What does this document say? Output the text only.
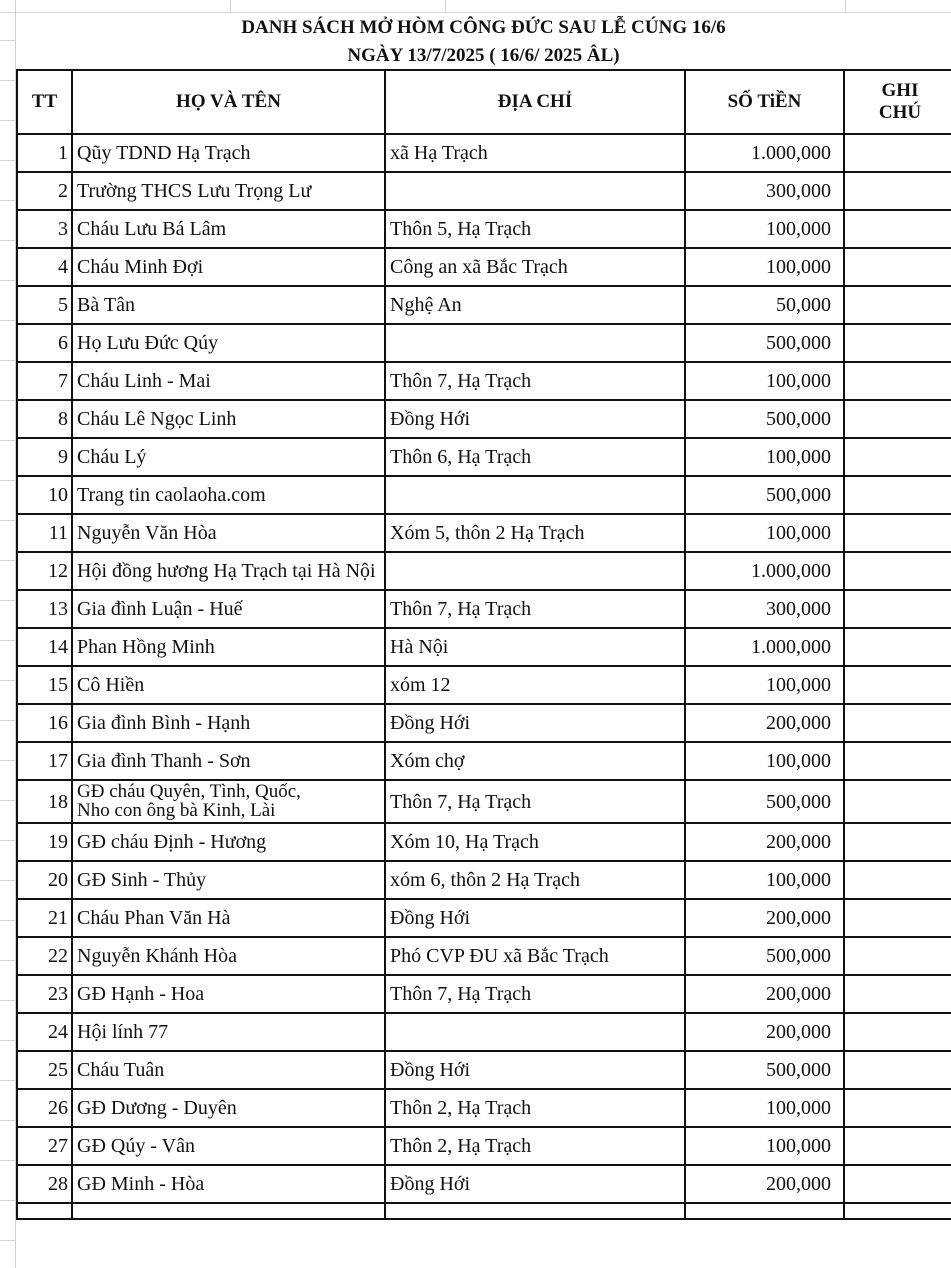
DANH SÁCH MỞ HÒM CÔNG ĐỨC SAU LỄ CÚNG 16/6
NGÀY 13/7/2025 ( 16/6/ 2025 ÂL)
TT	HỌ VÀ TÊN	ĐỊA CHỈ	SỐ TiỀN	GHI
CHÚ
1	Qũy TDND Hạ Trạch	xã Hạ Trạch	1.000,000	
2	Trường THCS Lưu Trọng Lư		300,000	
3	Cháu Lưu Bá Lâm	Thôn 5, Hạ Trạch	100,000	
4	Cháu Minh Đợi	Công an xã Bắc Trạch	100,000	
5	Bà Tân	Nghệ An	50,000	
6	Họ Lưu Đức Qúy		500,000	
7	Cháu Linh - Mai	Thôn 7, Hạ Trạch	100,000	
8	Cháu Lê Ngọc Linh	Đồng Hới	500,000	
9	Cháu Lý	Thôn 6, Hạ Trạch	100,000	
10	Trang tin caolaoha.com		500,000	
11	Nguyễn Văn Hòa	Xóm 5, thôn 2 Hạ Trạch	100,000	
12	Hội đồng hương Hạ Trạch tại Hà Nội		1.000,000	
13	Gia đình Luận - Huế	Thôn 7, Hạ Trạch	300,000	
14	Phan Hồng Minh	Hà Nội	1.000,000	
15	Cô Hiền	xóm 12	100,000	
16	Gia đình Bình - Hạnh	Đồng Hới	200,000	
17	Gia đình Thanh - Sơn	Xóm chợ	100,000	
18	GĐ cháu Quyên, Tình, Quốc,
Nho con ông bà Kinh, Lài	Thôn 7, Hạ Trạch	500,000	
19	GĐ cháu Định - Hương	Xóm 10, Hạ Trạch	200,000	
20	GĐ Sinh - Thủy	xóm 6, thôn 2 Hạ Trạch	100,000	
21	Cháu Phan Văn Hà	Đồng Hới	200,000	
22	Nguyễn Khánh Hòa	Phó CVP ĐU xã Bắc Trạch	500,000	
23	GĐ Hạnh - Hoa	Thôn 7, Hạ Trạch	200,000	
24	Hội lính 77		200,000	
25	Cháu Tuân	Đồng Hới	500,000	
26	GĐ Dương - Duyên	Thôn 2, Hạ Trạch	100,000	
27	GĐ Qúy - Vân	Thôn 2, Hạ Trạch	100,000	
28	GĐ Minh - Hòa	Đồng Hới	200,000	
